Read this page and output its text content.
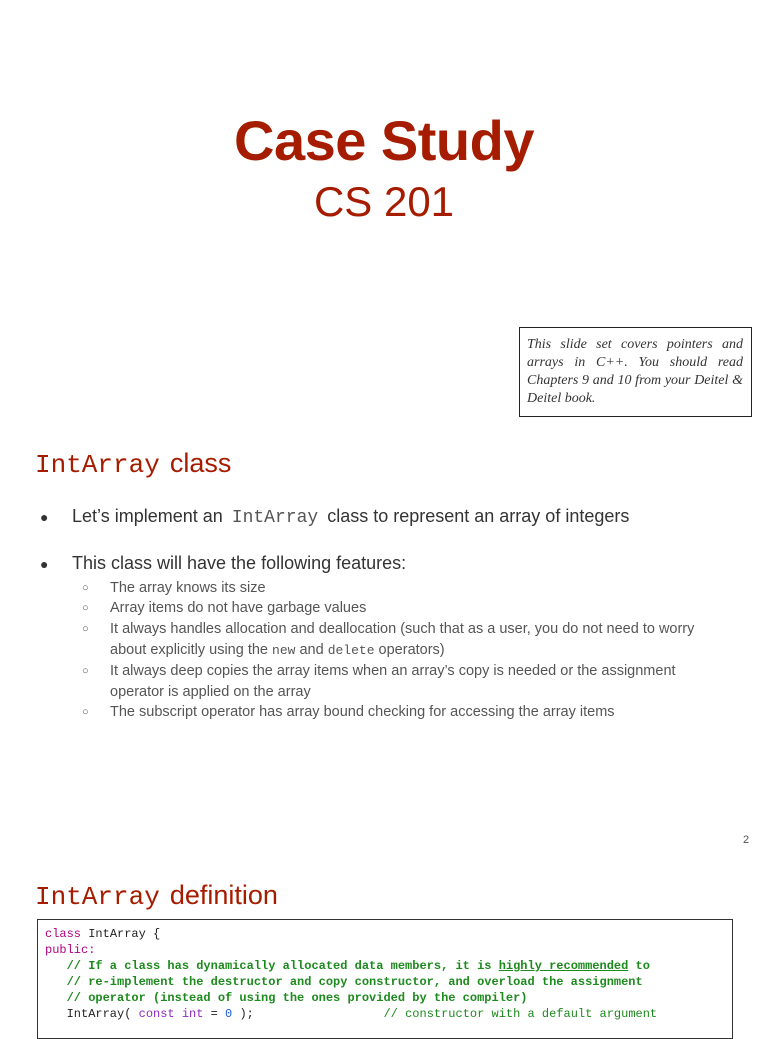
Case Study
CS 201
This slide set covers pointers and arrays in C++. You should read Chapters 9 and 10 from your Deitel & Deitel book.
IntArray class
● Let’s implement an IntArray class to represent an array of integers
● This class will have the following features:
○ The array knows its size
○ Array items do not have garbage values
○ It always handles allocation and deallocation (such that as a user, you do not need to worry about explicitly using the new and delete operators)
○ It always deep copies the array items when an array’s copy is needed or the assignment operator is applied on the array
○ The subscript operator has array bound checking for accessing the array items
2
IntArray definition
class IntArray {
public:
// If a class has dynamically allocated data members, it is highly recommended to
// re-implement the destructor and copy constructor, and overload the assignment
// operator (instead of using the ones provided by the compiler)
IntArray( const int = 0 );	// constructor with a default argument
